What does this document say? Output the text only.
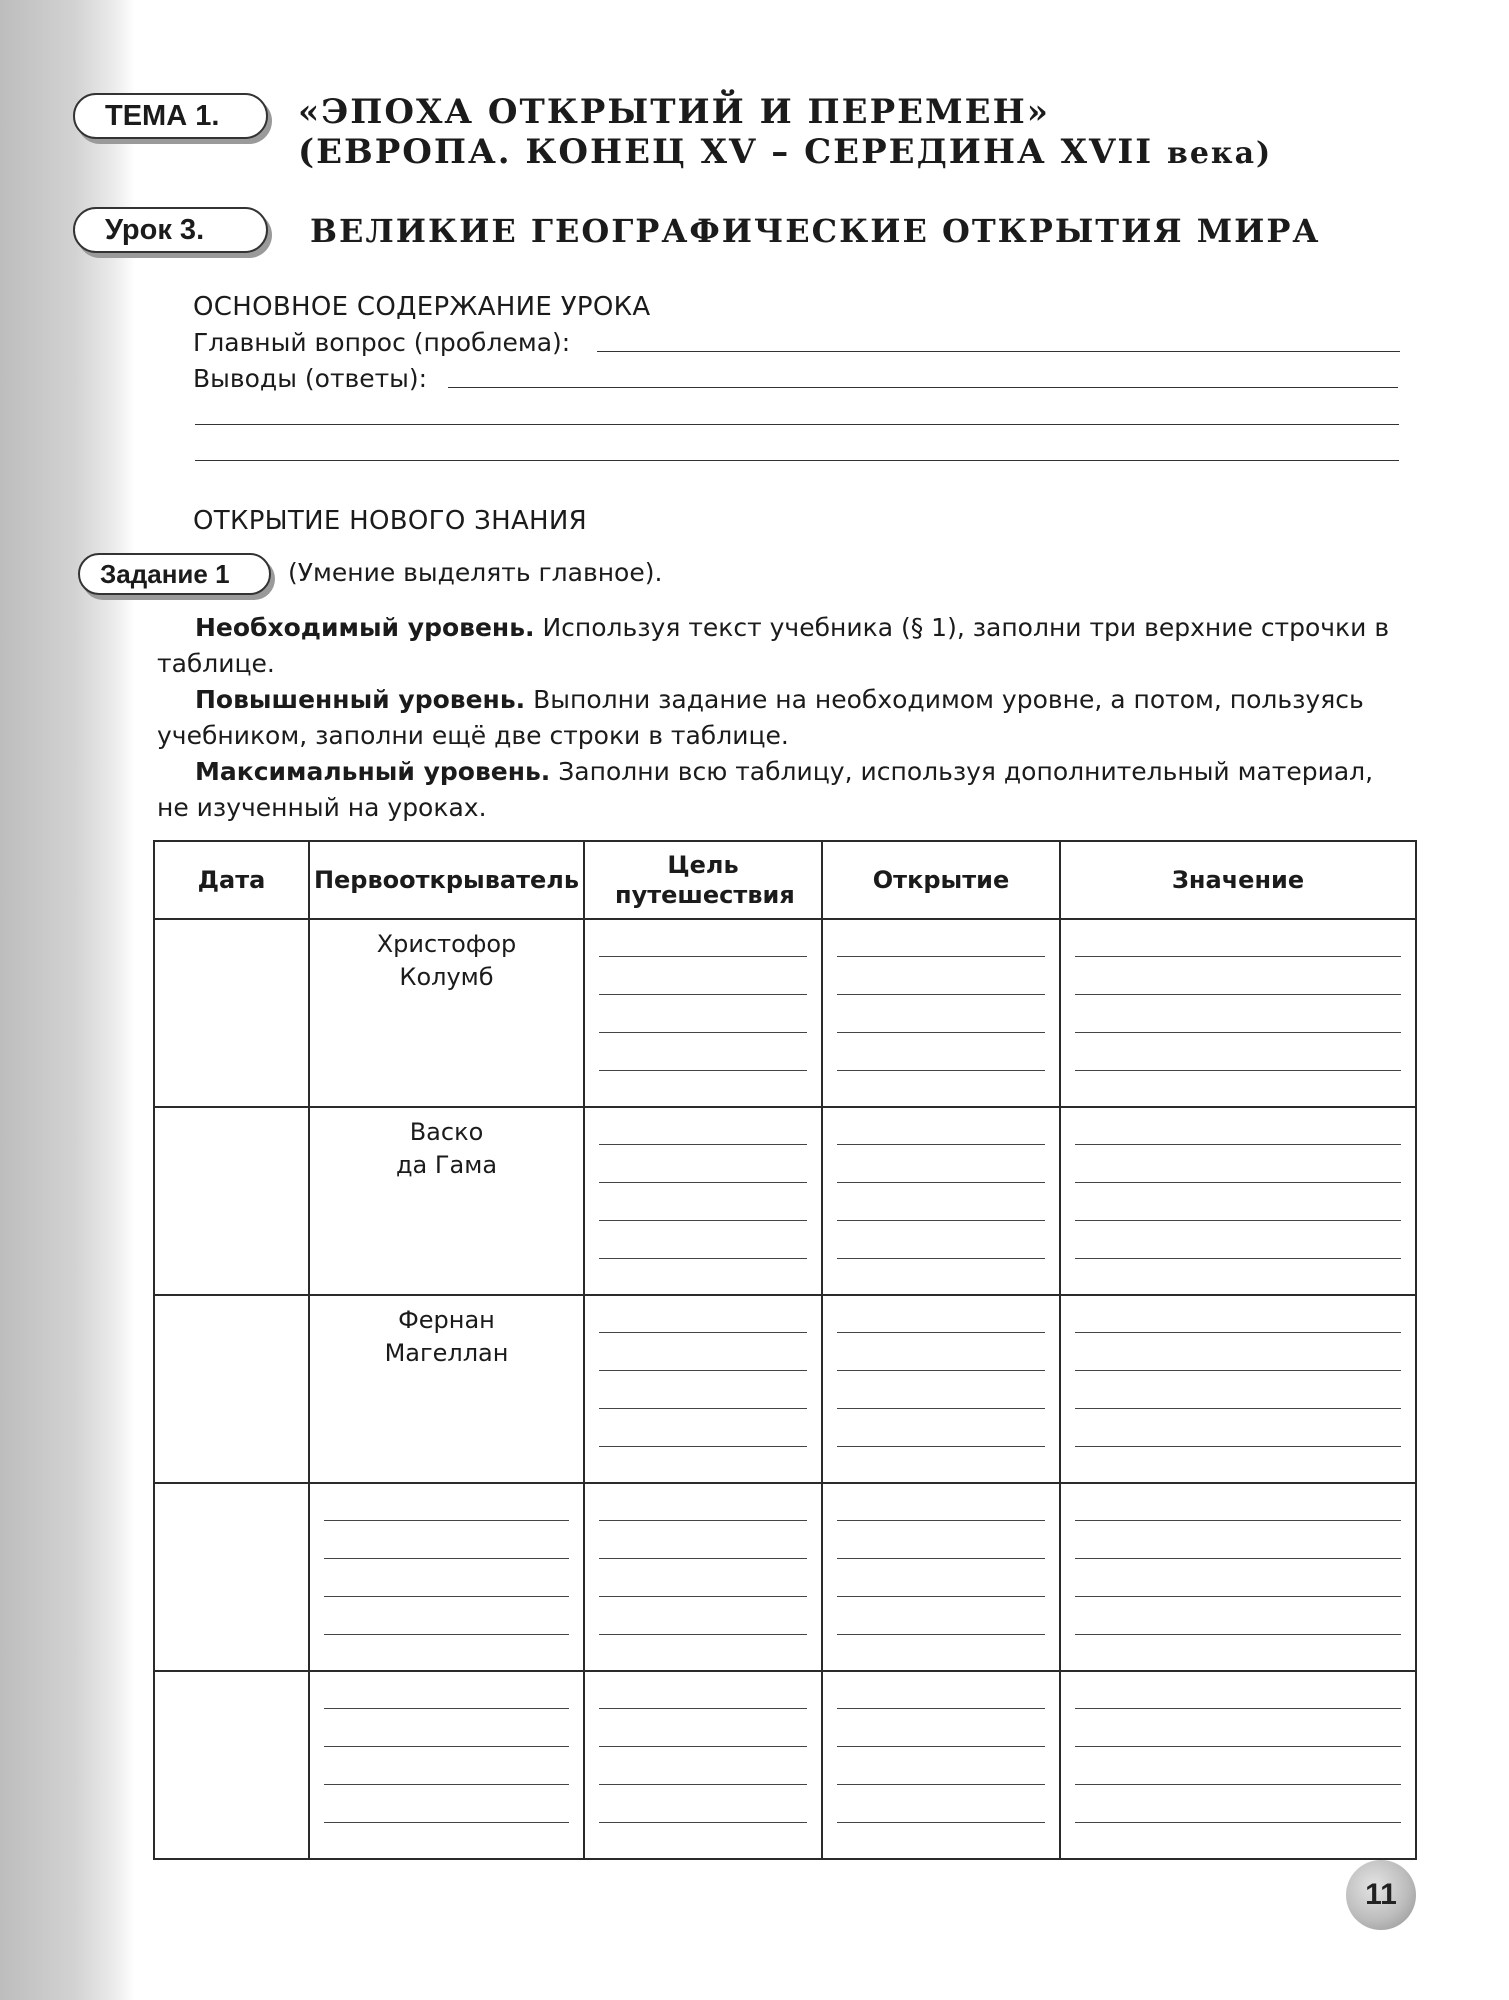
ТЕМА 1.	«ЭПОХА ОТКРЫТИЙ И ПЕРЕМЕН»
(ЕВРОПА. КОНЕЦ XV – СЕРЕДИНА XVII века)
Урок 3.	ВЕЛИКИЕ ГЕОГРАФИЧЕСКИЕ ОТКРЫТИЯ МИРА
ОСНОВНОЕ СОДЕРЖАНИЕ УРОКА
Главный вопрос (проблема):
Выводы (ответы):
ОТКРЫТИЕ НОВОГО ЗНАНИЯ
Задание 1	(Умение выделять главное).
Необходимый уровень. Используя текст учебника (§ 1), заполни три верхние строчки в таблице.
Повышенный уровень. Выполни задание на необходимом уровне, а потом, пользуясь учебником, заполни ещё две строки в таблице.
Максимальный уровень. Заполни всю таблицу, используя дополнительный материал, не изученный на уроках.
Дата	Первооткрыватель	Цель путешествия	Открытие	Значение

	Христофор
Колумб			

	Васко
да Гама			

	Фернан
Магеллан			

11
